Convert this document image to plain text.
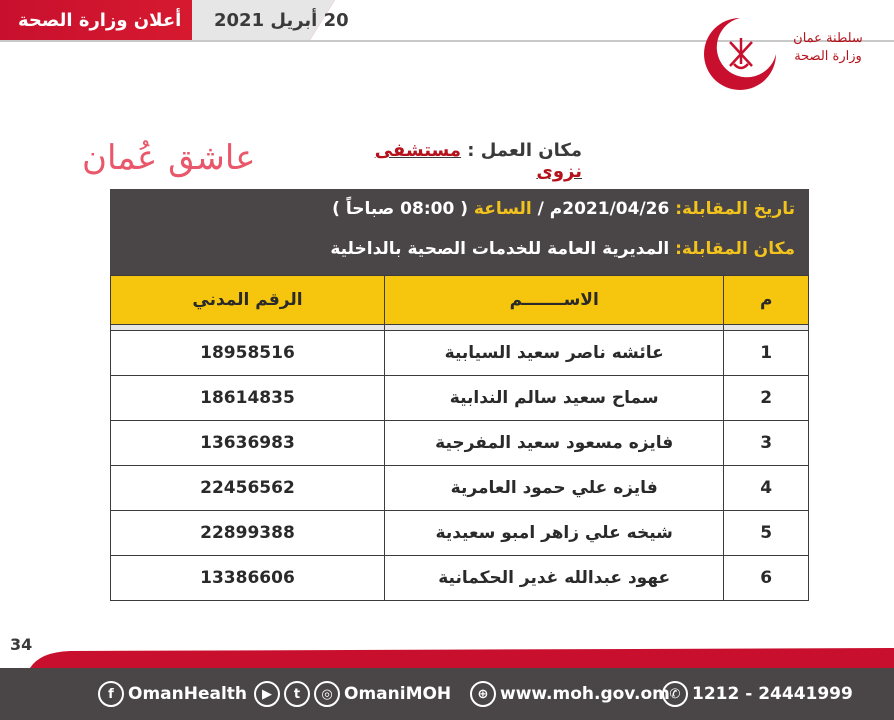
أعلان وزارة الصحة 20 أبريل 2021
سلطنة عمان
وزارة الصحة
مكان العمل : مستشفى نزوى
عاشق عُمان
تاريخ المقابلة: 2021/04/26م / الساعة ( 08:00 صباحاً )
مكان المقابلة: المديرية العامة للخدمات الصحية بالداخلية
م	الاســـــــم	الرقم المدني

1	عائشه ناصر سعيد السيابية	18958516
2	سماح سعيد سالم الندابية	18614835
3	فايزه مسعود سعيد المفرجية	13636983
4	فايزه علي حمود العامرية	22456562
5	شيخه علي زاهر امبو سعيدية	22899388
6	عهود عبدالله غدير الحكمانية	13386606
34
f OmanHealth	▶	t	◎ OmaniMOH	⊕ www.moh.gov.om ✆ 1212 - 24441999
